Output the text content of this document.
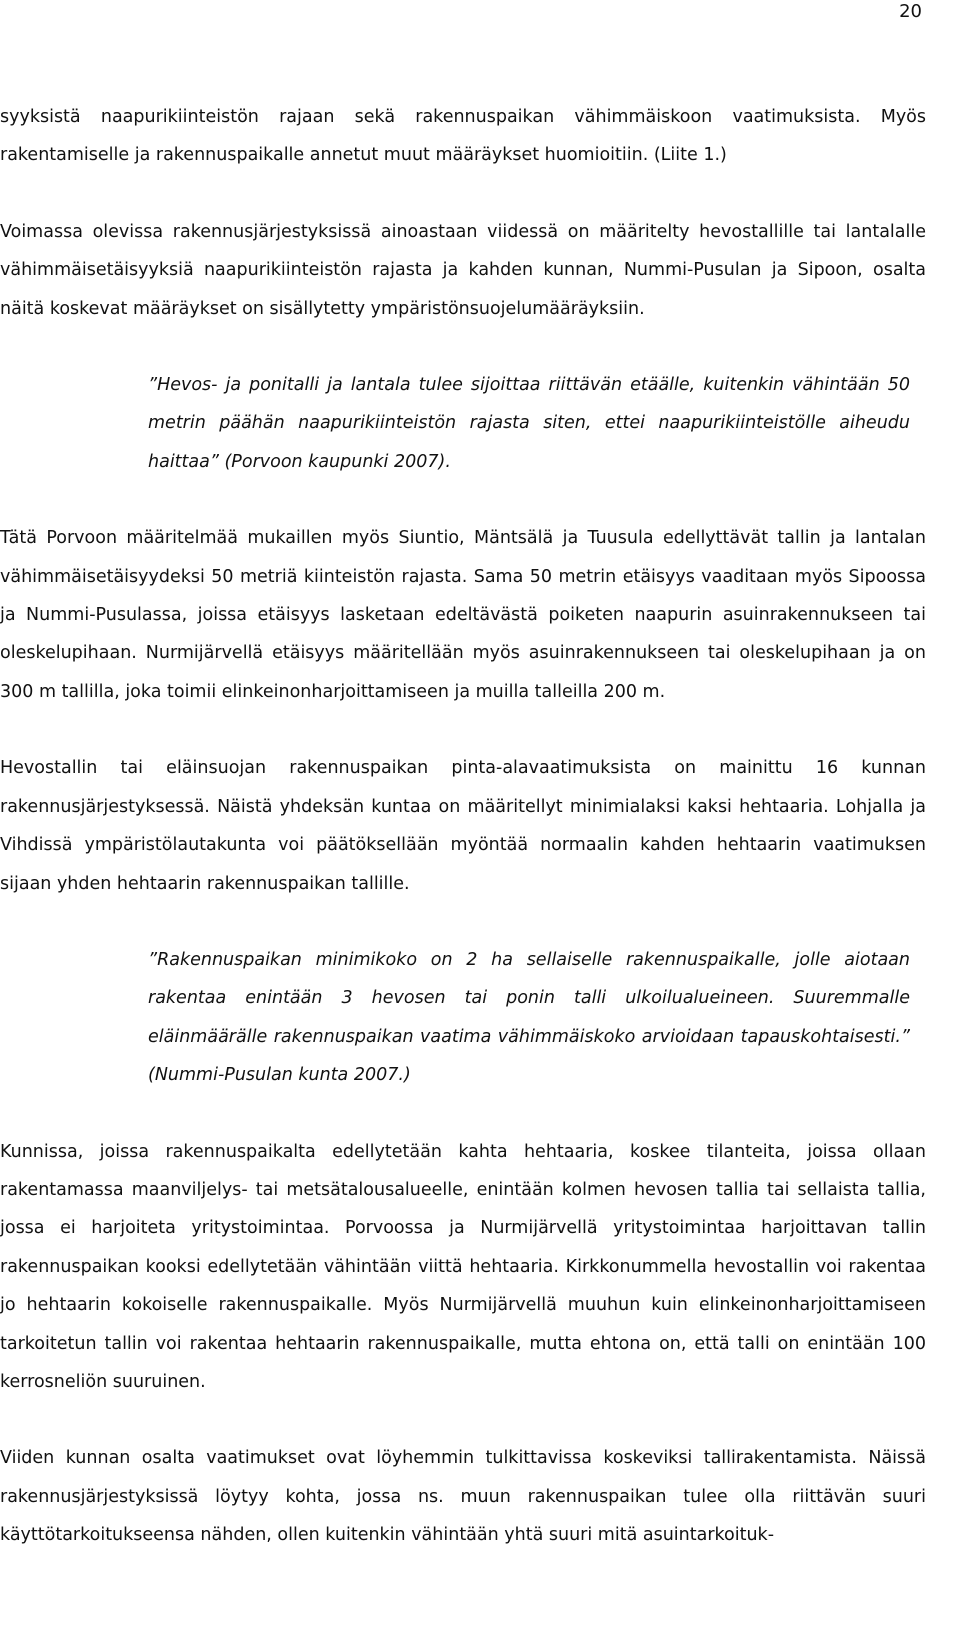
20

syyksistä naapurikiinteistön rajaan sekä rakennuspaikan vähimmäiskoon vaatimuksista. Myös rakentamiselle ja rakennuspaikalle annetut muut määräykset huomioitiin. (Liite 1.)

Voimassa olevissa rakennusjärjestyksissä ainoastaan viidessä on määritelty hevostallille tai lantalalle vähimmäisetäisyyksiä naapurikiinteistön rajasta ja kahden kunnan, Nummi-Pusulan ja Sipoon, osalta näitä koskevat määräykset on sisällytetty ympäristönsuojelumääräyksiin.

”Hevos- ja ponitalli ja lantala tulee sijoittaa riittävän etäälle, kuitenkin vähintään 50 metrin päähän naapurikiinteistön rajasta siten, ettei naapurikiinteistölle aiheudu haittaa” (Porvoon kaupunki 2007).

Tätä Porvoon määritelmää mukaillen myös Siuntio, Mäntsälä ja Tuusula edellyttävät tallin ja lantalan vähimmäisetäisyydeksi 50 metriä kiinteistön rajasta. Sama 50 metrin etäisyys vaaditaan myös Sipoossa ja Nummi-Pusulassa, joissa etäisyys lasketaan edeltävästä poiketen naapurin asuinrakennukseen tai oleskelupihaan. Nurmijärvellä etäisyys määritellään myös asuinrakennukseen tai oleskelupihaan ja on 300 m tallilla, joka toimii elinkeinonharjoittamiseen ja muilla talleilla 200 m.

Hevostallin tai eläinsuojan rakennuspaikan pinta-alavaatimuksista on mainittu 16 kunnan rakennusjärjestyksessä. Näistä yhdeksän kuntaa on määritellyt minimialaksi kaksi hehtaaria. Lohjalla ja Vihdissä ympäristölautakunta voi päätöksellään myöntää normaalin kahden hehtaarin vaatimuksen sijaan yhden hehtaarin rakennuspaikan tallille.

”Rakennuspaikan minimikoko on 2 ha sellaiselle rakennuspaikalle, jolle aiotaan rakentaa enintään 3 hevosen tai ponin talli ulkoilualueineen. Suuremmalle eläinmäärälle rakennuspaikan vaatima vähimmäiskoko arvioidaan tapauskohtaisesti.” (Nummi-Pusulan kunta 2007.)

Kunnissa, joissa rakennuspaikalta edellytetään kahta hehtaaria, koskee tilanteita, joissa ollaan rakentamassa maanviljelys- tai metsätalousalueelle, enintään kolmen hevosen tallia tai sellaista tallia, jossa ei harjoiteta yritystoimintaa. Porvoossa ja Nurmijärvellä yritystoimintaa harjoittavan tallin rakennuspaikan kooksi edellytetään vähintään viittä hehtaaria. Kirkkonummella hevostallin voi rakentaa jo hehtaarin kokoiselle rakennuspaikalle. Myös Nurmijärvellä muuhun kuin elinkeinonharjoittamiseen tarkoitetun tallin voi rakentaa hehtaarin rakennuspaikalle, mutta ehtona on, että talli on enintään 100 kerrosneliön suuruinen.

Viiden kunnan osalta vaatimukset ovat löyhemmin tulkittavissa koskeviksi tallirakentamista. Näissä rakennusjärjestyksissä löytyy kohta, jossa ns. muun rakennuspaikan tulee olla riittävän suuri käyttötarkoitukseensa nähden, ollen kuitenkin vähintään yhtä suuri mitä asuintarkoituk-
